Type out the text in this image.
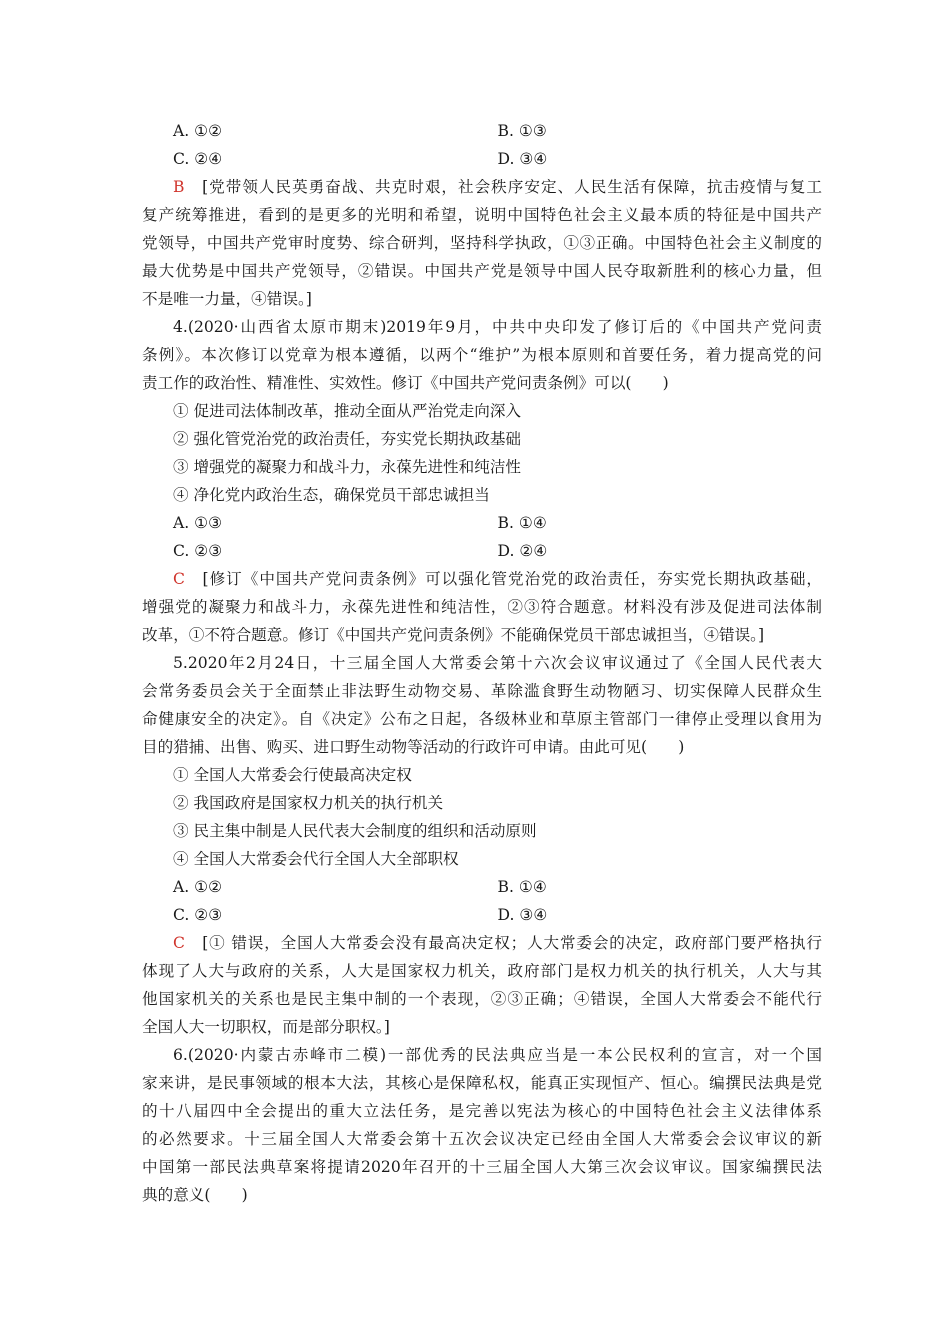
A. ①②	B. ①③
C. ②④	D. ③④
B　 [党带领人民英勇奋战、共克时艰，社会秩序安定、人民生活有保障，抗击疫情与复工
复产统筹推进，看到的是更多的光明和希望，说明中国特色社会主义最本质的特征是中国共产
党领导，中国共产党审时度势、综合研判，坚持科学执政，①③正确。中国特色社会主义制度的
最大优势是中国共产党领导，②错误。中国共产党是领导中国人民夺取新胜利的核心力量，但
不是唯一力量，④错误。]
4.(2020·山西省太原市期末)2019年9月，中共中央印发了修订后的《中国共产党问责
条例》。本次修订以党章为根本遵循，以两个“维护”为根本原则和首要任务，着力提高党的问
责工作的政治性、精准性、实效性。修订《中国共产党问责条例》可以(　　)
① 促进司法体制改革，推动全面从严治党走向深入
② 强化管党治党的政治责任，夯实党长期执政基础
③ 增强党的凝聚力和战斗力，永葆先进性和纯洁性
④ 净化党内政治生态，确保党员干部忠诚担当
A. ①③	B. ①④
C. ②③	D. ②④
C　 [修订《中国共产党问责条例》可以强化管党治党的政治责任，夯实党长期执政基础，
增强党的凝聚力和战斗力，永葆先进性和纯洁性，②③符合题意。材料没有涉及促进司法体制
改革，①不符合题意。修订《中国共产党问责条例》不能确保党员干部忠诚担当，④错误。]
5.2020年2月24日，十三届全国人大常委会第十六次会议审议通过了《全国人民代表大
会常务委员会关于全面禁止非法野生动物交易、革除滥食野生动物陋习、切实保障人民群众生
命健康安全的决定》。自《决定》公布之日起，各级林业和草原主管部门一律停止受理以食用为
目的猎捕、出售、购买、进口野生动物等活动的行政许可申请。由此可见(　　)
① 全国人大常委会行使最高决定权
② 我国政府是国家权力机关的执行机关
③ 民主集中制是人民代表大会制度的组织和活动原则
④ 全国人大常委会代行全国人大全部职权
A. ①②	B. ①④
C. ②③	D. ③④
C　 [① 错误，全国人大常委会没有最高决定权；人大常委会的决定，政府部门要严格执行
体现了人大与政府的关系，人大是国家权力机关，政府部门是权力机关的执行机关，人大与其
他国家机关的关系也是民主集中制的一个表现，②③正确；④错误，全国人大常委会不能代行
全国人大一切职权，而是部分职权。]
6.(2020·内蒙古赤峰市二模)一部优秀的民法典应当是一本公民权利的宣言，对一个国
家来讲，是民事领域的根本大法，其核心是保障私权，能真正实现恒产、恒心。编撰民法典是党
的十八届四中全会提出的重大立法任务，是完善以宪法为核心的中国特色社会主义法律体系
的必然要求。十三届全国人大常委会第十五次会议决定已经由全国人大常委会会议审议的新
中国第一部民法典草案将提请2020年召开的十三届全国人大第三次会议审议。国家编撰民法
典的意义(　　)
